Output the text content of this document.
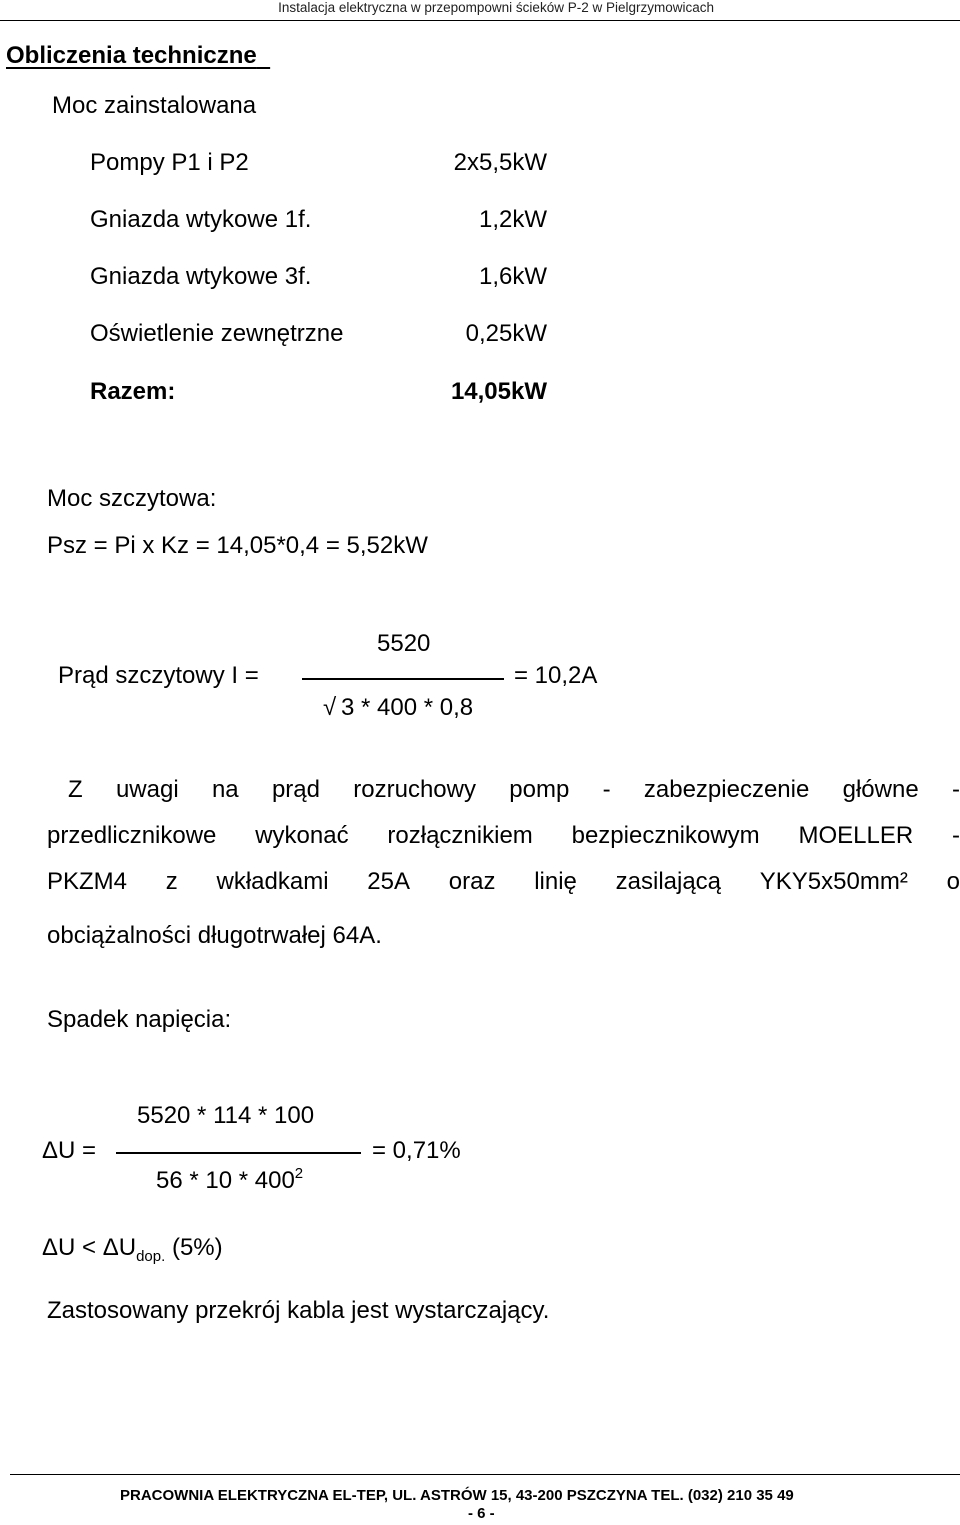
Instalacja elektryczna w przepompowni ścieków P-2 w Pielgrzymowicach
Obliczenia techniczne
Moc zainstalowana
Pompy P1 i P2	2x5,5kW
Gniazda wtykowe 1f.	1,2kW
Gniazda wtykowe 3f.	1,6kW
Oświetlenie zewnętrzne	0,25kW
Razem:	14,05kW
Moc szczytowa:
Psz = Pi x Kz = 14,05*0,4 = 5,52kW
5520
Prąd szczytowy I =	= 10,2A
√ 3 * 400 * 0,8
Z uwagi na prąd rozruchowy pomp - zabezpieczenie główne -
przedlicznikowe wykonać rozłącznikiem bezpiecznikowym MOELLER -
PKZM4 z wkładkami 25A oraz linię zasilającą YKY5x50mm² o
obciążalności długotrwałej 64A.
Spadek napięcia:
5520 * 114 * 100
ΔU =	= 0,71%
$56 * 10 * 400^2$
$\Delta U < \Delta U_{dop.}$ (5%)
Zastosowany przekrój kabla jest wystarczający.
PRACOWNIA ELEKTRYCZNA EL-TEP, UL. ASTRÓW 15, 43-200 PSZCZYNA TEL. (032) 210 35 49
- 6 -
